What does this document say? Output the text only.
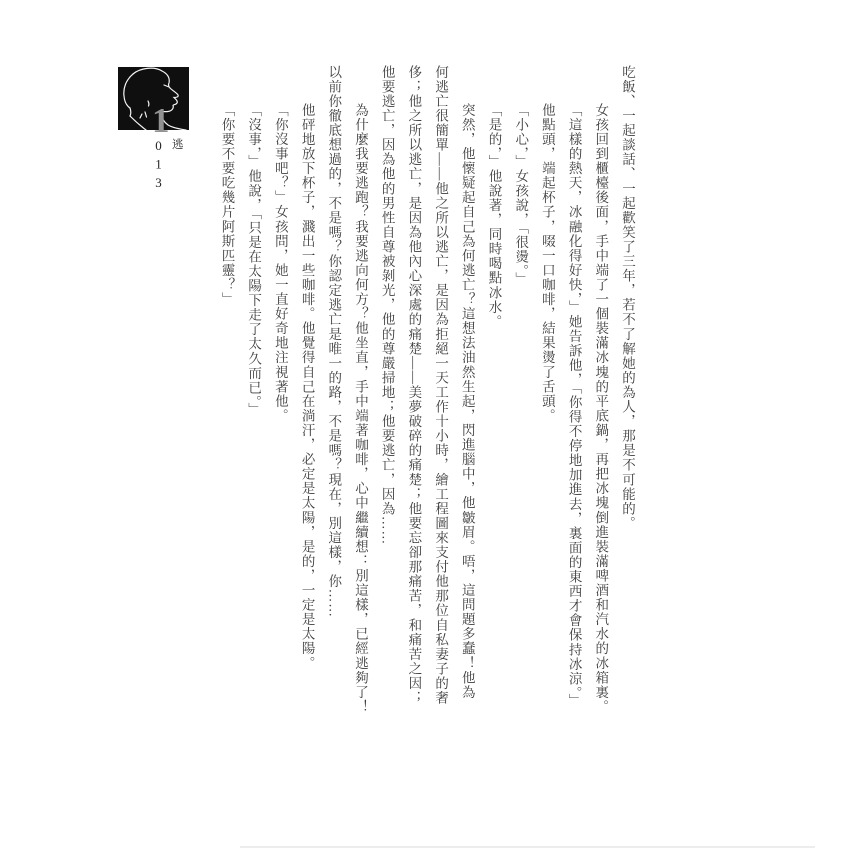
1
013 逃	吃飯、一起談話、一起歡笑了三年，若不了解她的為人，那是不可能的。
女孩回到櫃檯後面，手中端了一個裝滿冰塊的平底鍋，再把冰塊倒進裝滿啤酒和汽水的冰箱裏。
「這樣的熱天，冰融化得好快，」她告訴他，「你得不停地加進去，裏面的東西才會保持冰涼。」
他點頭，端起杯子，啜一口咖啡，結果燙了舌頭。
「小心，」女孩說，「很燙。」
「是的，」他說著，同時喝點冰水。
突然，他懷疑起自己為何逃亡？這想法油然生起，閃進腦中，他皺眉。唔，這問題多蠢！他為
何逃亡很簡單——他之所以逃亡，是因為拒絕一天工作十小時，繪工程圖來支付他那位自私妻子的奢
侈；他之所以逃亡，是因為他內心深處的痛楚——美夢破碎的痛楚；他要忘卻那痛苦，和痛苦之因；
他要逃亡，因為他的男性自尊被剝光，他的尊嚴掃地；他要逃亡，因為……
為什麼我要逃跑？我要逃向何方？他坐直，手中端著咖啡，心中繼續想：別這樣，已經逃夠了！
以前你徹底想過的，不是嗎？你認定逃亡是唯一的路，不是嗎？現在，別這樣，你……
他砰地放下杯子，濺出一些咖啡。他覺得自己在淌汗，必定是太陽，是的，一定是太陽。
「你沒事吧？」女孩問，她一直好奇地注視著他。
「沒事，」他說，「只是在太陽下走了太久而已。」
「你要不要吃幾片阿斯匹靈？」
